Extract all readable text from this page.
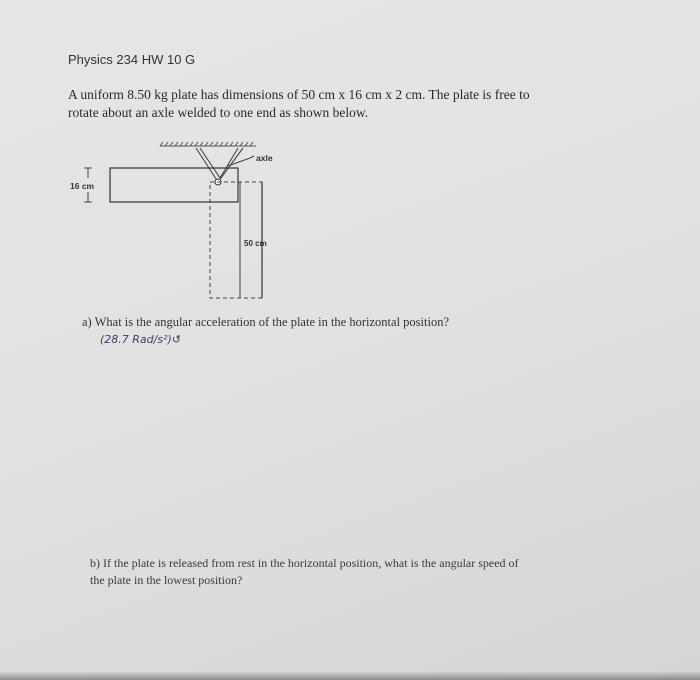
Physics 234 HW 10 G
A uniform 8.50 kg plate has dimensions of 50 cm x 16 cm x 2 cm. The plate is free to
rotate about an axle welded to one end as shown below.
16 cm
axle
50 cm
a) What is the angular acceleration of the plate in the horizontal position?
(28.7 Rad/s²)↺
b) If the plate is released from rest in the horizontal position, what is the angular speed of
the plate in the lowest position?
